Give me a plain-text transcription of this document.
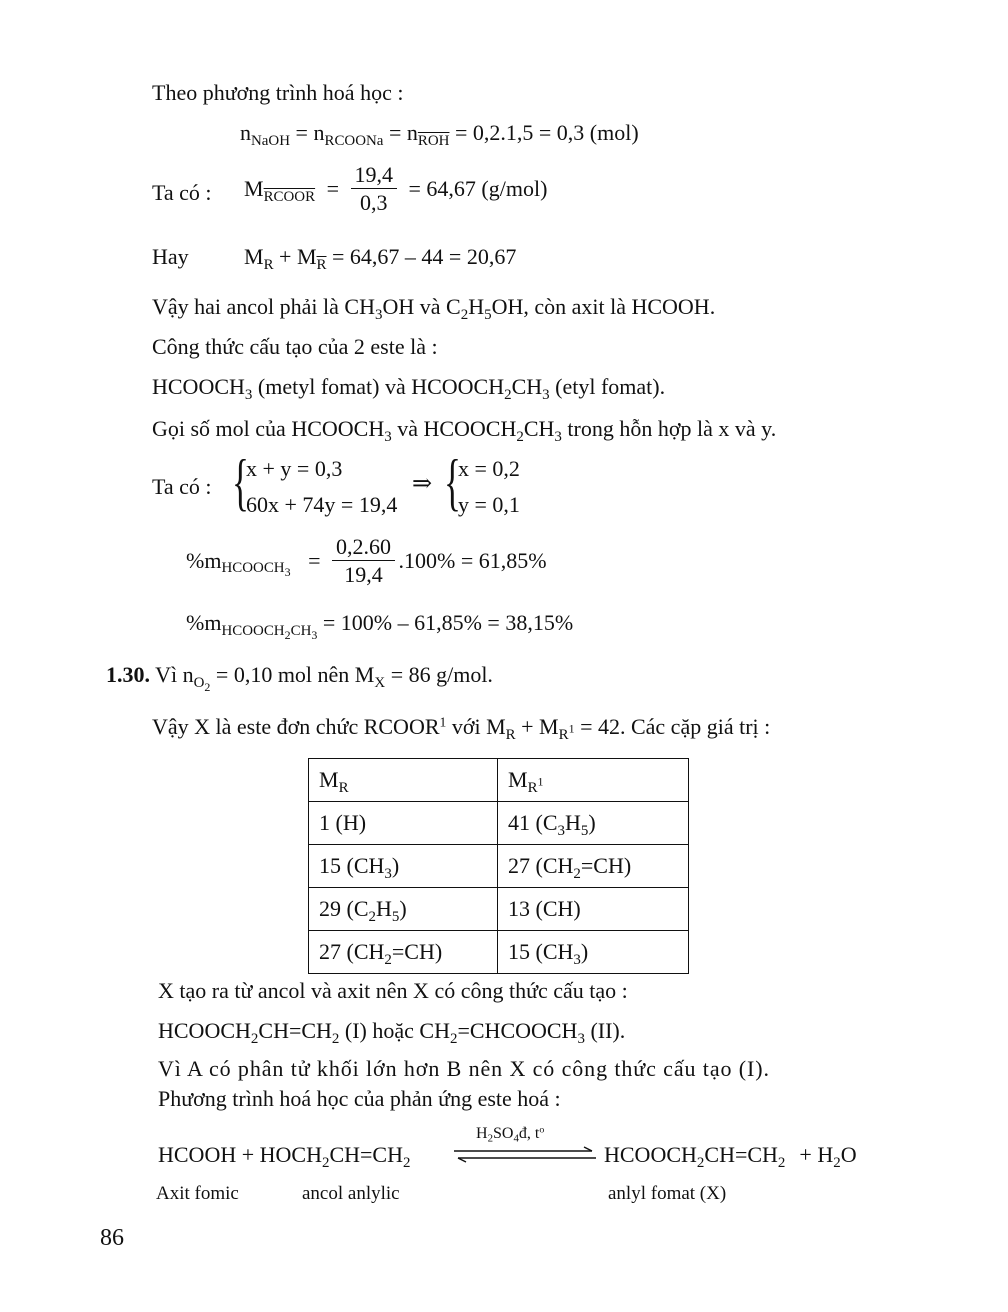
Theo phương trình hoá học :
$n_{NaOH} = n_{RCOONa} = n_{\overline{ROH}} = 0,2.1,5 = 0,3$ (mol)
Ta có : $M_{RCOOR} = \frac{19,4}{0,3} = 64,67$ (g/mol)
Hay	$M_R + M_{\overline{R}} = 64,67 - 44 = 20,67$
Vậy hai ancol phải là $CH_3OH$ và $C_2H_5OH$, còn axit là HCOOH.
Công thức cấu tạo của 2 este là :
$HCOOCH_3$ (metyl fomat) và $HCOOCH_2CH_3$ (etyl fomat).
Gọi số mol của $HCOOCH_3$ và $HCOOCH_2CH_3$ trong hỗn hợp là x và y.
Ta có : {
x + y = 0,3
60x + 74y = 19,4
⇒ {
x = 0,2
y = 0,1
$\%m_{HCOOCH_3} = \frac{0,2.60}{19,4} .100\% = 61,85\%$
$\%m_{HCOOCH_2CH_3} = 100\% - 61,85\% = 38,15\%$
1.30. Vì $n_{O_2} = 0,10$ mol nên $M_X = 86$ g/mol.
Vậy X là este đơn chức RCOOR$^1$ với $M_R + M_{R^1} = 42$. Các cặp giá trị :
$M_R$	$M_{R^1}$
1 (H)	41 $(C_3H_5)$
15 $(CH_3)$	27 $(CH_2=CH)$
29 $(C_2H_5)$	13 (CH)
27 $(CH_2=CH)$	15 $(CH_3)$
X tạo ra từ ancol và axit nên X có công thức cấu tạo :
$HCOOCH_2CH=CH_2$ (I) hoặc $CH_2=CHCOOCH_3$ (II).
Vì A có phân tử khối lớn hơn B nên X có công thức cấu tạo (I).
Phương trình hoá học của phản ứng este hoá :
HCOOH + $HOCH_2CH=CH_2$
$H_2SO_4đ$, $t^o$
$HCOOCH_2CH=CH_2 + H_2O$
Axit fomic	ancol anlylic	anlyl fomat (X)
86
